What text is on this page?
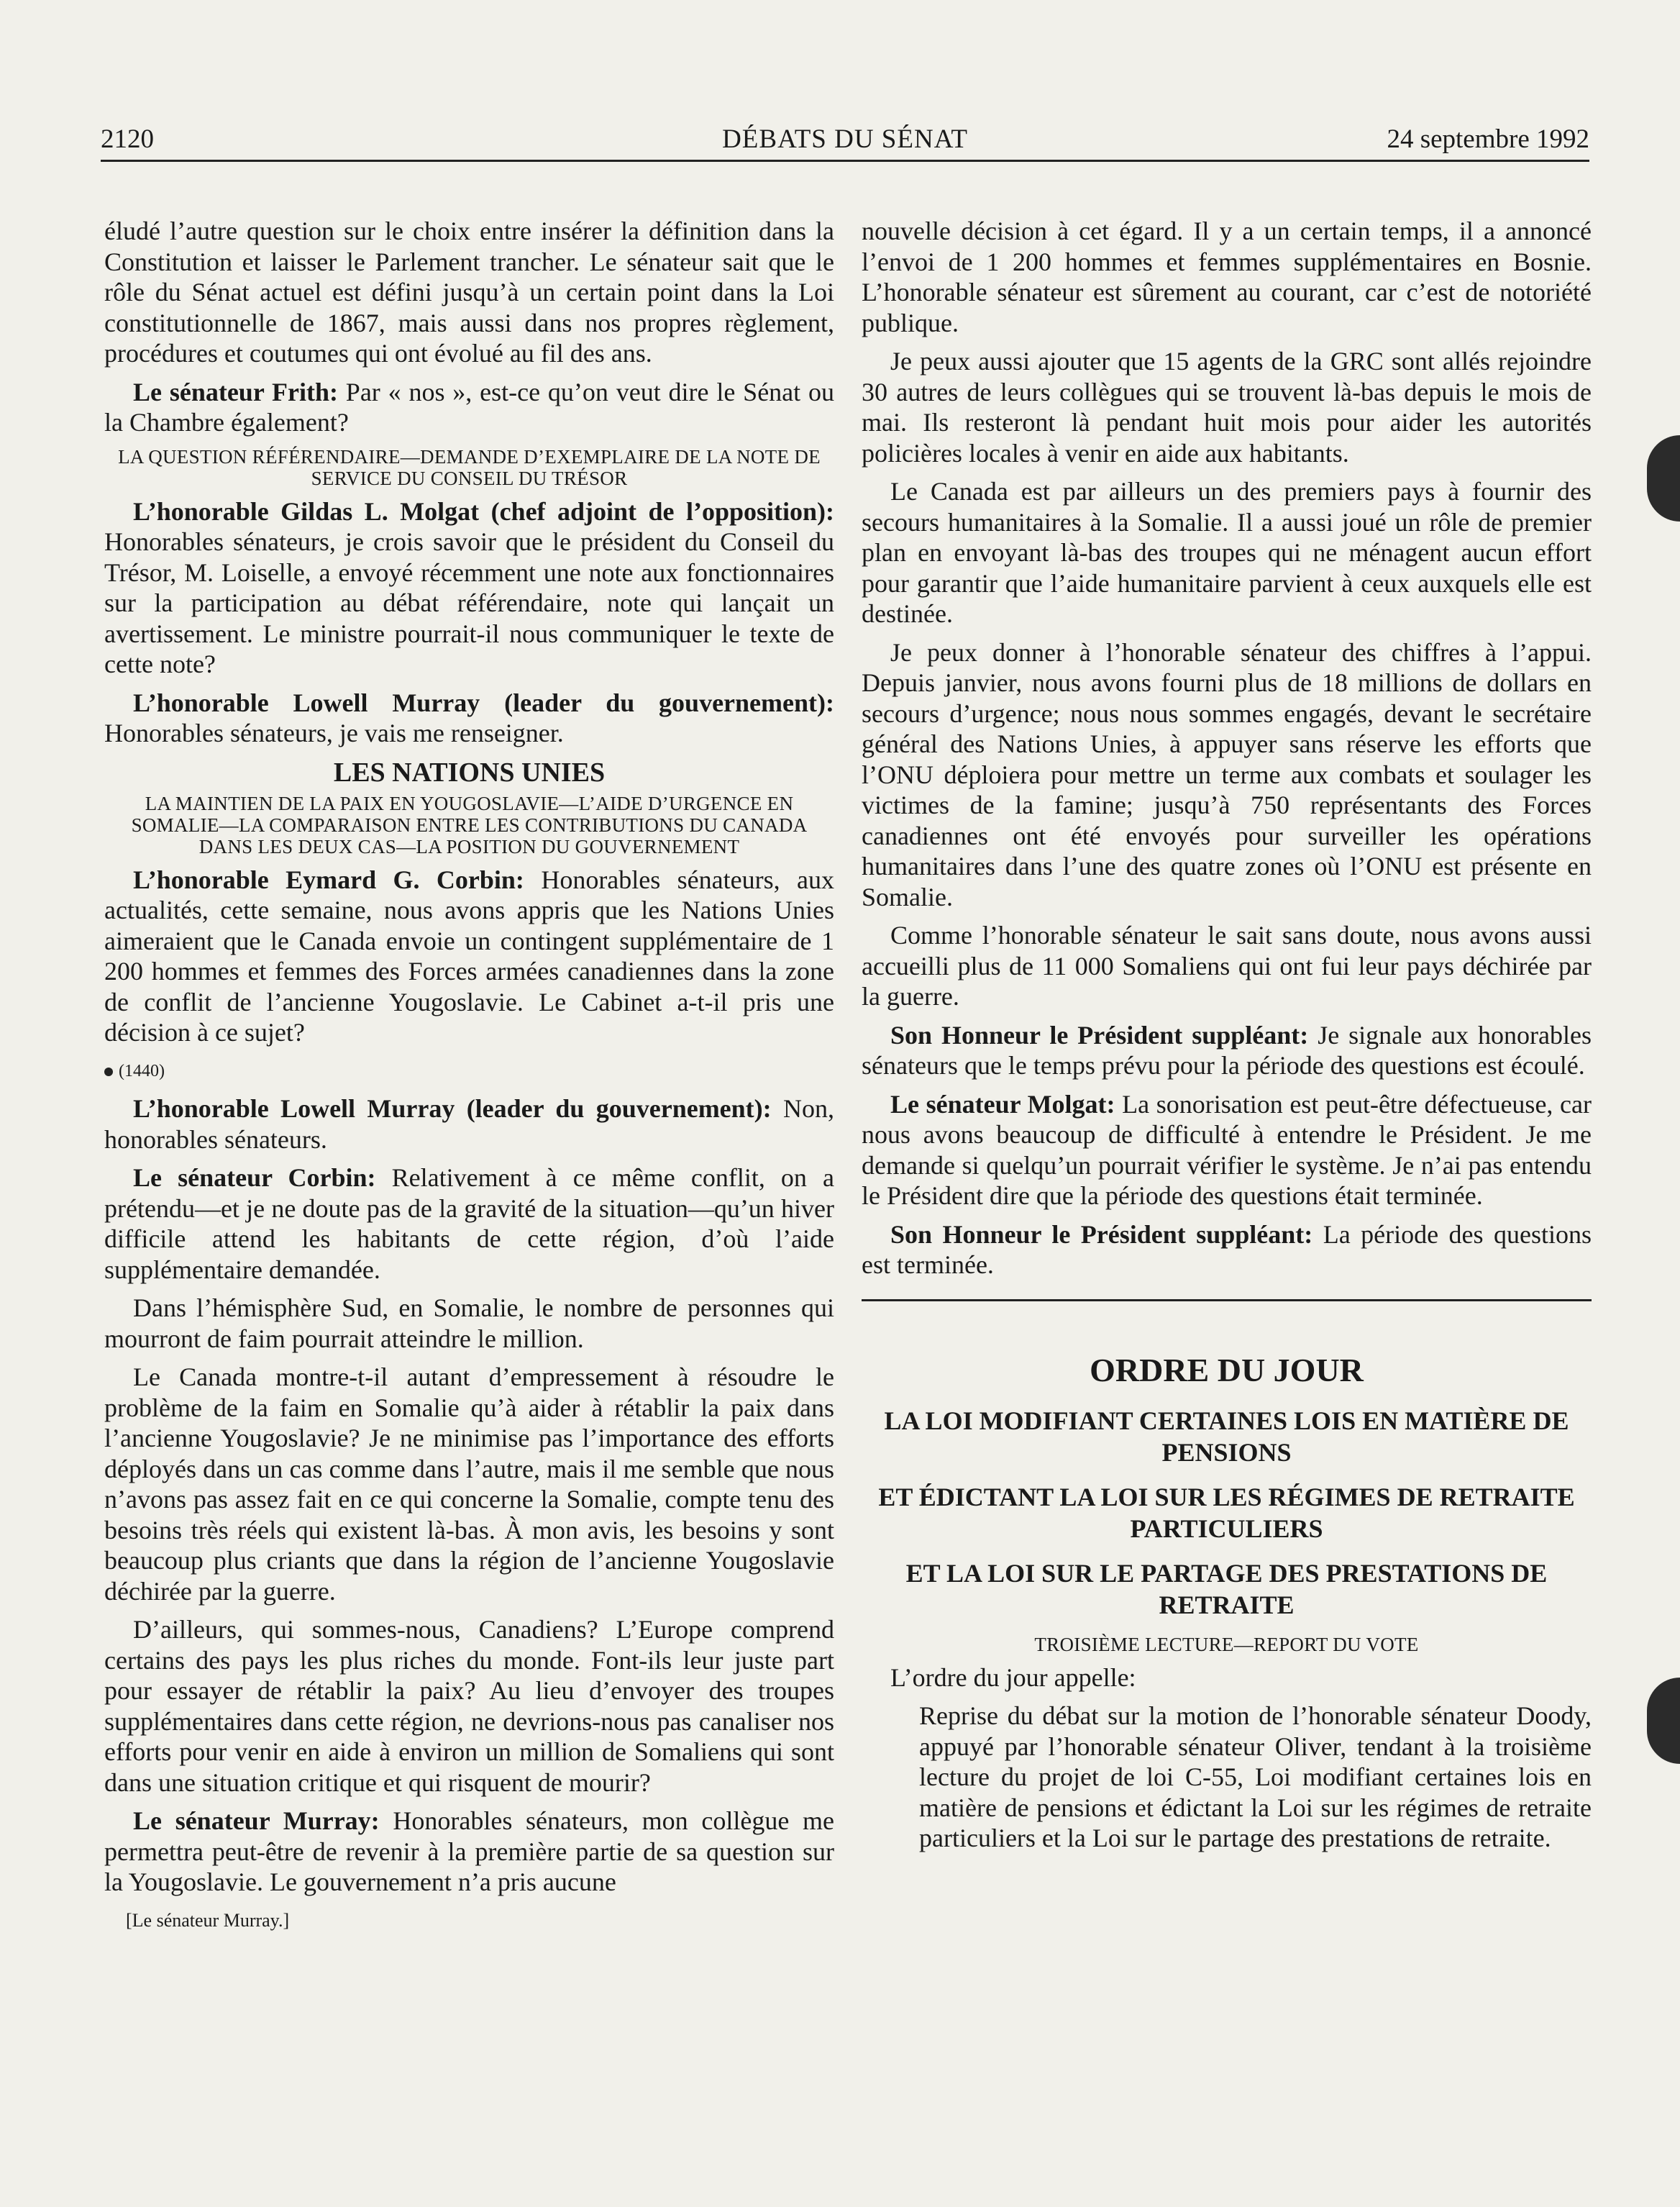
2120	DÉBATS DU SÉNAT	24 septembre 1992

éludé l’autre question sur le choix entre insérer la définition dans la Constitution et laisser le Parlement trancher. Le sénateur sait que le rôle du Sénat actuel est défini jusqu’à un certain point dans la Loi constitutionnelle de 1867, mais aussi dans nos propres règlement, procédures et coutumes qui ont évolué au fil des ans.

Le sénateur Frith: Par « nos », est-ce qu’on veut dire le Sénat ou la Chambre également?

LA QUESTION RÉFÉRENDAIRE—DEMANDE D’EXEMPLAIRE DE LA NOTE DE SERVICE DU CONSEIL DU TRÉSOR

L’honorable Gildas L. Molgat (chef adjoint de l’opposition): Honorables sénateurs, je crois savoir que le président du Conseil du Trésor, M. Loiselle, a envoyé récemment une note aux fonctionnaires sur la participation au débat référendaire, note qui lançait un avertissement. Le ministre pourrait-il nous communiquer le texte de cette note?

L’honorable Lowell Murray (leader du gouvernement): Honorables sénateurs, je vais me renseigner.

LES NATIONS UNIES
LA MAINTIEN DE LA PAIX EN YOUGOSLAVIE—L’AIDE D’URGENCE EN SOMALIE—LA COMPARAISON ENTRE LES CONTRIBUTIONS DU CANADA DANS LES DEUX CAS—LA POSITION DU GOUVERNEMENT

L’honorable Eymard G. Corbin: Honorables sénateurs, aux actualités, cette semaine, nous avons appris que les Nations Unies aimeraient que le Canada envoie un contingent supplémentaire de 1 200 hommes et femmes des Forces armées canadiennes dans la zone de conflit de l’ancienne Yougoslavie. Le Cabinet a-t-il pris une décision à ce sujet?

(1440)

L’honorable Lowell Murray (leader du gouvernement): Non, honorables sénateurs.

Le sénateur Corbin: Relativement à ce même conflit, on a prétendu—et je ne doute pas de la gravité de la situation—qu’un hiver difficile attend les habitants de cette région, d’où l’aide supplémentaire demandée.

Dans l’hémisphère Sud, en Somalie, le nombre de personnes qui mourront de faim pourrait atteindre le million.

Le Canada montre-t-il autant d’empressement à résoudre le problème de la faim en Somalie qu’à aider à rétablir la paix dans l’ancienne Yougoslavie? Je ne minimise pas l’importance des efforts déployés dans un cas comme dans l’autre, mais il me semble que nous n’avons pas assez fait en ce qui concerne la Somalie, compte tenu des besoins très réels qui existent là-bas. À mon avis, les besoins y sont beaucoup plus criants que dans la région de l’ancienne Yougoslavie déchirée par la guerre.

D’ailleurs, qui sommes-nous, Canadiens? L’Europe comprend certains des pays les plus riches du monde. Font-ils leur juste part pour essayer de rétablir la paix? Au lieu d’envoyer des troupes supplémentaires dans cette région, ne devrions-nous pas canaliser nos efforts pour venir en aide à environ un million de Somaliens qui sont dans une situation critique et qui risquent de mourir?

Le sénateur Murray: Honorables sénateurs, mon collègue me permettra peut-être de revenir à la première partie de sa question sur la Yougoslavie. Le gouvernement n’a pris aucune

[Le sénateur Murray.]

nouvelle décision à cet égard. Il y a un certain temps, il a annoncé l’envoi de 1 200 hommes et femmes supplémentaires en Bosnie. L’honorable sénateur est sûrement au courant, car c’est de notoriété publique.

Je peux aussi ajouter que 15 agents de la GRC sont allés rejoindre 30 autres de leurs collègues qui se trouvent là-bas depuis le mois de mai. Ils resteront là pendant huit mois pour aider les autorités policières locales à venir en aide aux habitants.

Le Canada est par ailleurs un des premiers pays à fournir des secours humanitaires à la Somalie. Il a aussi joué un rôle de premier plan en envoyant là-bas des troupes qui ne ménagent aucun effort pour garantir que l’aide humanitaire parvient à ceux auxquels elle est destinée.

Je peux donner à l’honorable sénateur des chiffres à l’appui. Depuis janvier, nous avons fourni plus de 18 millions de dollars en secours d’urgence; nous nous sommes engagés, devant le secrétaire général des Nations Unies, à appuyer sans réserve les efforts que l’ONU déploiera pour mettre un terme aux combats et soulager les victimes de la famine; jusqu’à 750 représentants des Forces canadiennes ont été envoyés pour surveiller les opérations humanitaires dans l’une des quatre zones où l’ONU est présente en Somalie.

Comme l’honorable sénateur le sait sans doute, nous avons aussi accueilli plus de 11 000 Somaliens qui ont fui leur pays déchirée par la guerre.

Son Honneur le Président suppléant: Je signale aux honorables sénateurs que le temps prévu pour la période des questions est écoulé.

Le sénateur Molgat: La sonorisation est peut-être défectueuse, car nous avons beaucoup de difficulté à entendre le Président. Je me demande si quelqu’un pourrait vérifier le système. Je n’ai pas entendu le Président dire que la période des questions était terminée.

Son Honneur le Président suppléant: La période des questions est terminée.

ORDRE DU JOUR
LA LOI MODIFIANT CERTAINES LOIS EN MATIÈRE DE PENSIONS
ET ÉDICTANT LA LOI SUR LES RÉGIMES DE RETRAITE PARTICULIERS
ET LA LOI SUR LE PARTAGE DES PRESTATIONS DE RETRAITE
TROISIÈME LECTURE—REPORT DU VOTE

L’ordre du jour appelle:

Reprise du débat sur la motion de l’honorable sénateur Doody, appuyé par l’honorable sénateur Oliver, tendant à la troisième lecture du projet de loi C-55, Loi modifiant certaines lois en matière de pensions et édictant la Loi sur les régimes de retraite particuliers et la Loi sur le partage des prestations de retraite.
